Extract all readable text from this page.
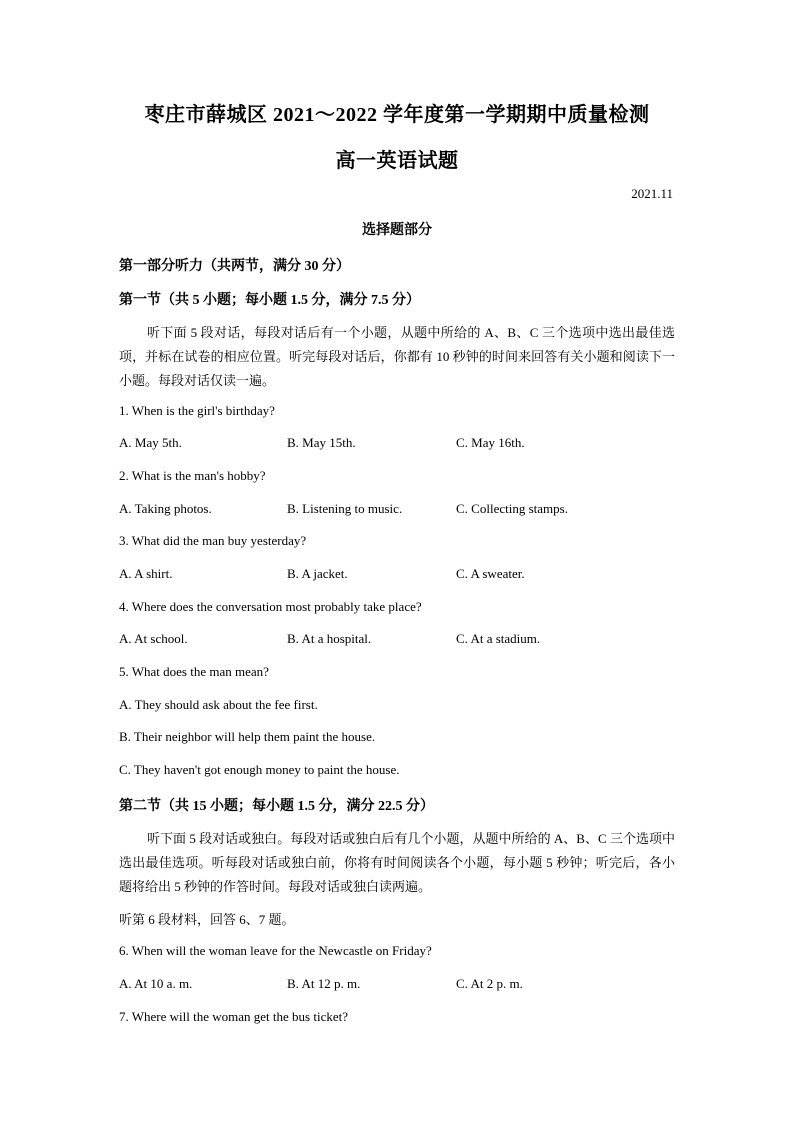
枣庄市薛城区 2021～2022 学年度第一学期期中质量检测
高一英语试题
2021.11
选择题部分
第一部分听力（共两节，满分 30 分）
第一节（共 5 小题；每小题 1.5 分，满分 7.5 分）
听下面 5 段对话，每段对话后有一个小题，从题中所给的 A、B、C 三个选项中选出最佳选项，并标在试卷的相应位置。听完每段对话后，你都有 10 秒钟的时间来回答有关小题和阅读下一小题。每段对话仅读一遍。
1. When is the girl's birthday?
A. May 5th.	B. May 15th.	C. May 16th.
2. What is the man's hobby?
A. Taking photos.	B. Listening to music.	C. Collecting stamps.
3. What did the man buy yesterday?
A. A shirt.	B. A jacket.	C. A sweater.
4. Where does the conversation most probably take place?
A. At school.	B. At a hospital.	C. At a stadium.
5. What does the man mean?
A. They should ask about the fee first.
B. Their neighbor will help them paint the house.
C. They haven't got enough money to paint the house.
第二节（共 15 小题；每小题 1.5 分，满分 22.5 分）
听下面 5 段对话或独白。每段对话或独白后有几个小题，从题中所给的 A、B、C 三个选项中选出最佳选项。听每段对话或独白前，你将有时间阅读各个小题，每小题 5 秒钟；听完后，各小题将给出 5 秒钟的作答时间。每段对话或独白读两遍。
听第 6 段材料，回答 6、7 题。
6. When will the woman leave for the Newcastle on Friday?
A. At 10 a. m.	B. At 12 p. m.	C. At 2 p. m.
7. Where will the woman get the bus ticket?
